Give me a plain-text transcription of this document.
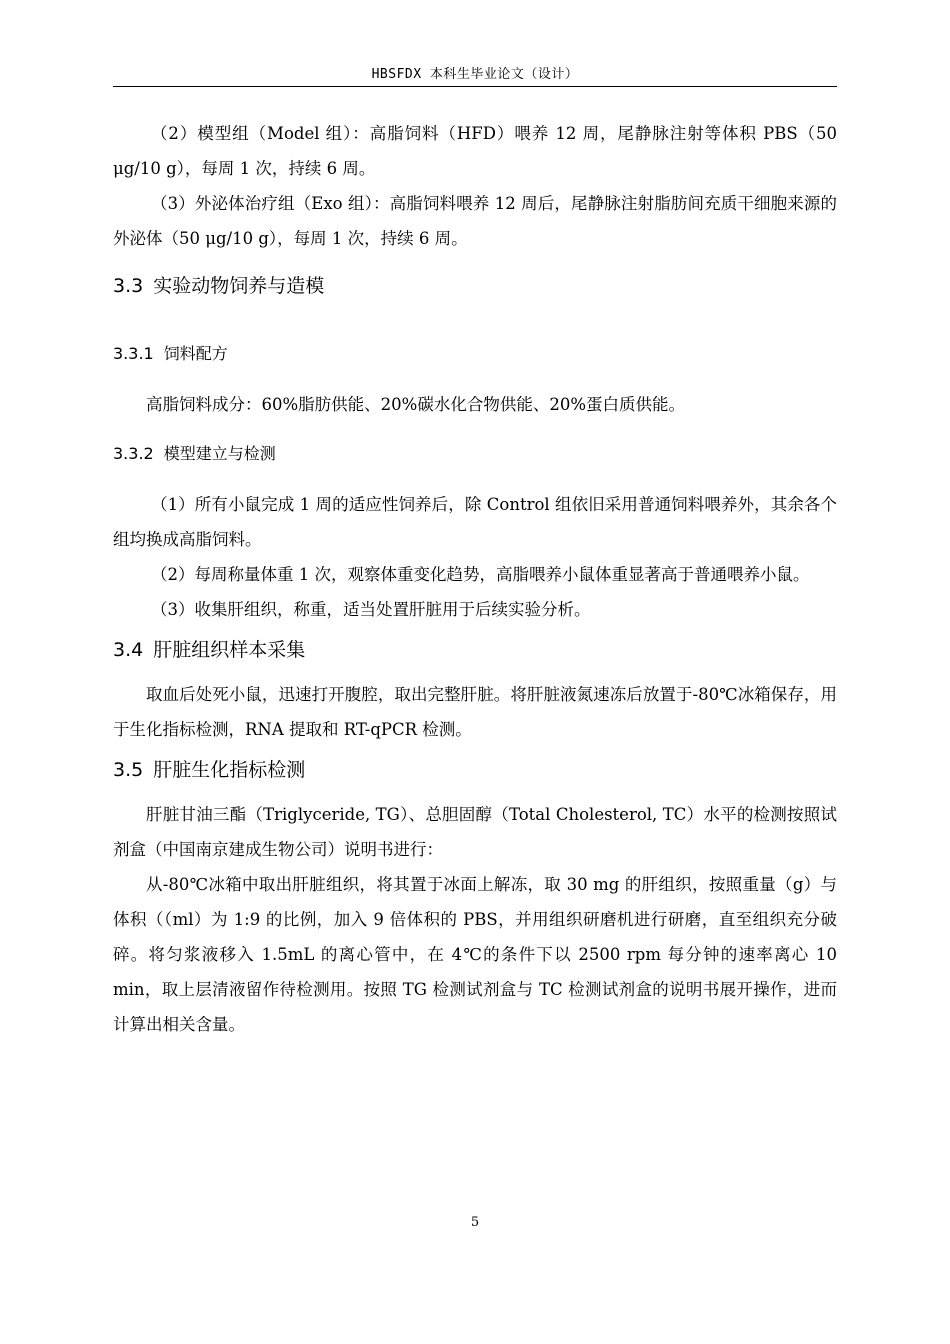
HBSFDX 本科生毕业论文（设计）

（2）模型组（Model 组）：高脂饲料（HFD）喂养 12 周，尾静脉注射等体积 PBS（50 μg/10 g），每周 1 次，持续 6 周。

（3）外泌体治疗组（Exo 组）：高脂饲料喂养 12 周后，尾静脉注射脂肪间充质干细胞来源的外泌体（50 μg/10 g），每周 1 次，持续 6 周。

3.3 实验动物饲养与造模
3.3.1 饲料配方

高脂饲料成分：60%脂肪供能、20%碳水化合物供能、20%蛋白质供能。

3.3.2 模型建立与检测

（1）所有小鼠完成 1 周的适应性饲养后，除 Control 组依旧采用普通饲料喂养外，其余各个组均换成高脂饲料。

（2）每周称量体重 1 次，观察体重变化趋势，高脂喂养小鼠体重显著高于普通喂养小鼠。

（3）收集肝组织，称重，适当处置肝脏用于后续实验分析。

3.4 肝脏组织样本采集

取血后处死小鼠，迅速打开腹腔，取出完整肝脏。将肝脏液氮速冻后放置于-80℃冰箱保存，用于生化指标检测，RNA 提取和 RT-qPCR 检测。

3.5 肝脏生化指标检测

肝脏甘油三酯（Triglyceride, TG）、总胆固醇（Total Cholesterol, TC）水平的检测按照试剂盒（中国南京建成生物公司）说明书进行：

从-80℃冰箱中取出肝脏组织，将其置于冰面上解冻，取 30 mg 的肝组织，按照重量（g）与体积（（ml）为 1:9 的比例，加入 9 倍体积的 PBS，并用组织研磨机进行研磨，直至组织充分破碎。将匀浆液移入 1.5mL 的离心管中，在 4℃的条件下以 2500 rpm 每分钟的速率离心 10 min，取上层清液留作待检测用。按照 TG 检测试剂盒与 TC 检测试剂盒的说明书展开操作，进而计算出相关含量。

5
